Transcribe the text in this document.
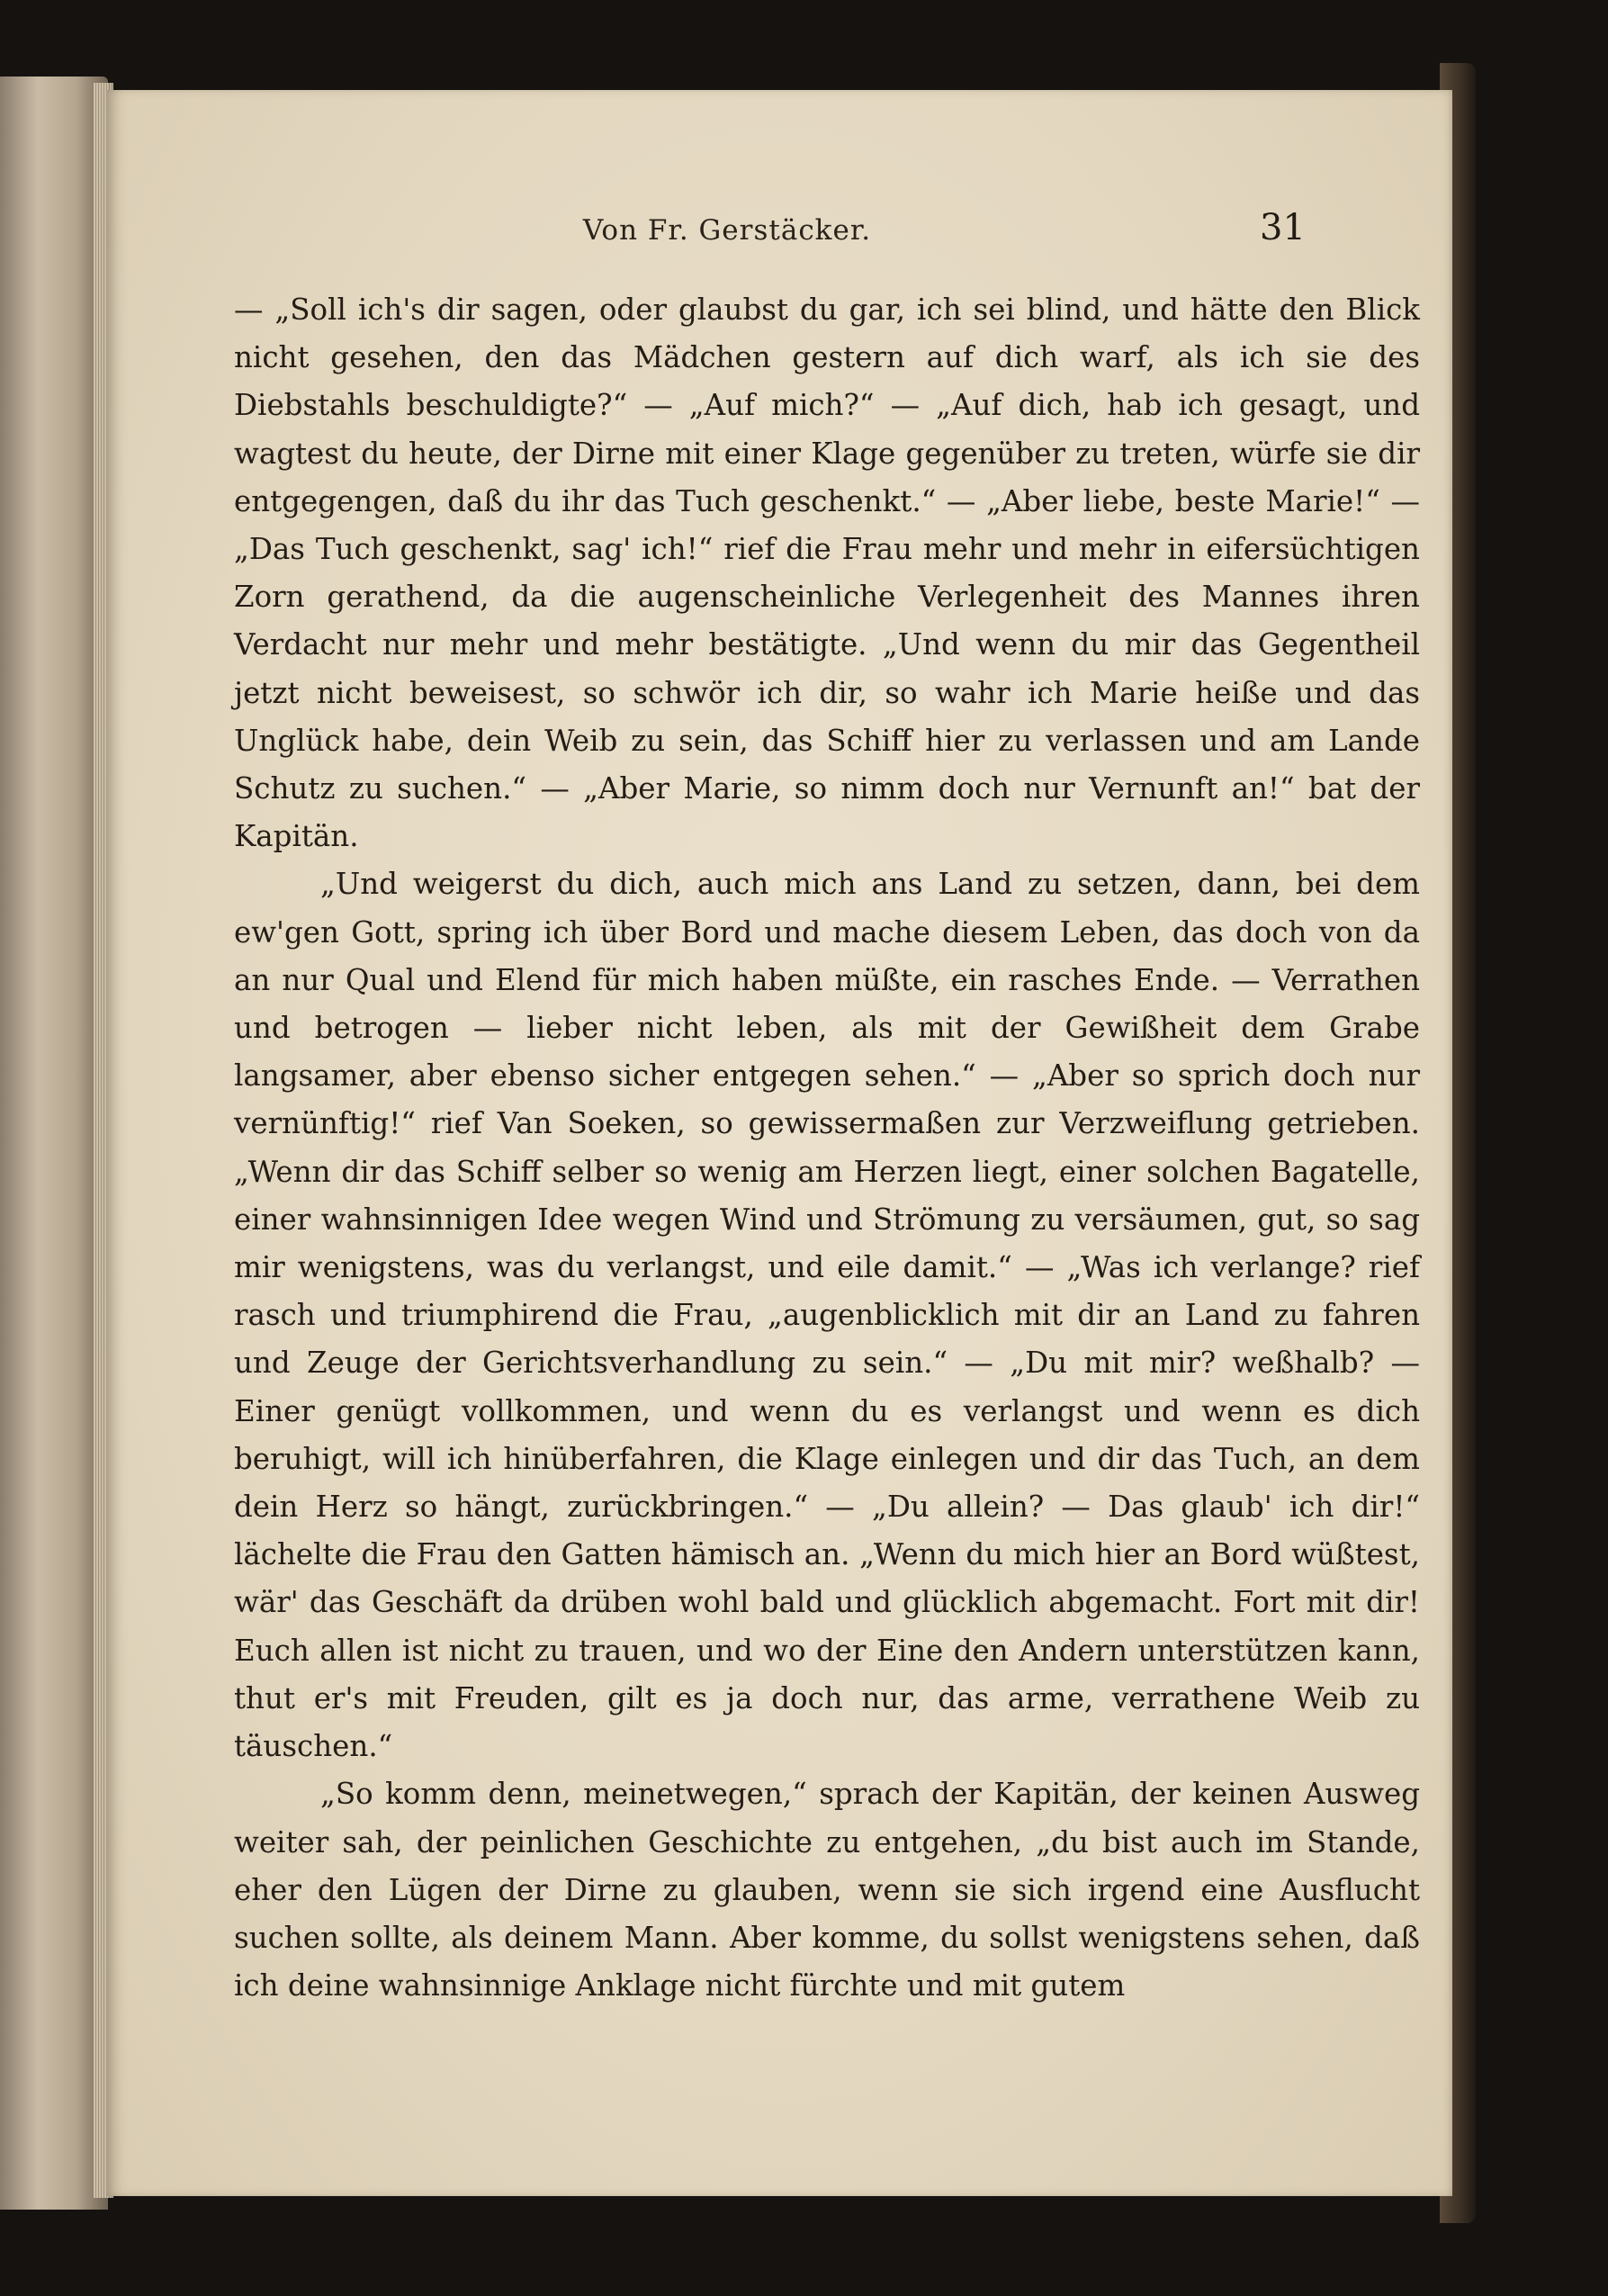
Von Fr. Gerstäcker.	31

— „Soll ich's dir sagen, oder glaubst du gar, ich sei blind, und hätte den Blick nicht gesehen, den das Mädchen gestern auf dich warf, als ich sie des Diebstahls beschuldigte?“ — „Auf mich?“ — „Auf dich, hab ich gesagt, und wagtest du heute, der Dirne mit einer Klage gegenüber zu treten, würfe sie dir entgegengen, daß du ihr das Tuch geschenkt.“ — „Aber liebe, beste Marie!“ — „Das Tuch geschenkt, sag' ich!“ rief die Frau mehr und mehr in eifersüchtigen Zorn gerathend, da die augenscheinliche Verlegenheit des Mannes ihren Verdacht nur mehr und mehr bestätigte. „Und wenn du mir das Gegentheil jetzt nicht beweisest, so schwör ich dir, so wahr ich Marie heiße und das Unglück habe, dein Weib zu sein, das Schiff hier zu verlassen und am Lande Schutz zu suchen.“ — „Aber Marie, so nimm doch nur Vernunft an!“ bat der Kapitän.

„Und weigerst du dich, auch mich ans Land zu setzen, dann, bei dem ew'gen Gott, spring ich über Bord und mache diesem Leben, das doch von da an nur Qual und Elend für mich haben müßte, ein rasches Ende. — Verrathen und betrogen — lieber nicht leben, als mit der Gewißheit dem Grabe langsamer, aber ebenso sicher entgegen sehen.“ — „Aber so sprich doch nur vernünftig!“ rief Van Soeken, so gewissermaßen zur Verzweiflung getrieben. „Wenn dir das Schiff selber so wenig am Herzen liegt, einer solchen Bagatelle, einer wahnsinnigen Idee wegen Wind und Strömung zu versäumen, gut, so sag mir wenigstens, was du verlangst, und eile damit.“ — „Was ich verlange? rief rasch und triumphirend die Frau, „augenblicklich mit dir an Land zu fahren und Zeuge der Gerichtsverhandlung zu sein.“ — „Du mit mir? weßhalb? — Einer genügt vollkommen, und wenn du es verlangst und wenn es dich beruhigt, will ich hinüberfahren, die Klage einlegen und dir das Tuch, an dem dein Herz so hängt, zurückbringen.“ — „Du allein? — Das glaub' ich dir!“ lächelte die Frau den Gatten hämisch an. „Wenn du mich hier an Bord wüßtest, wär' das Geschäft da drüben wohl bald und glücklich abgemacht. Fort mit dir! Euch allen ist nicht zu trauen, und wo der Eine den Andern unterstützen kann, thut er's mit Freuden, gilt es ja doch nur, das arme, verrathene Weib zu täuschen.“

„So komm denn, meinetwegen,“ sprach der Kapitän, der keinen Ausweg weiter sah, der peinlichen Geschichte zu entgehen, „du bist auch im Stande, eher den Lügen der Dirne zu glauben, wenn sie sich irgend eine Ausflucht suchen sollte, als deinem Mann. Aber komme, du sollst wenigstens sehen, daß ich deine wahnsinnige Anklage nicht fürchte und mit gutem
